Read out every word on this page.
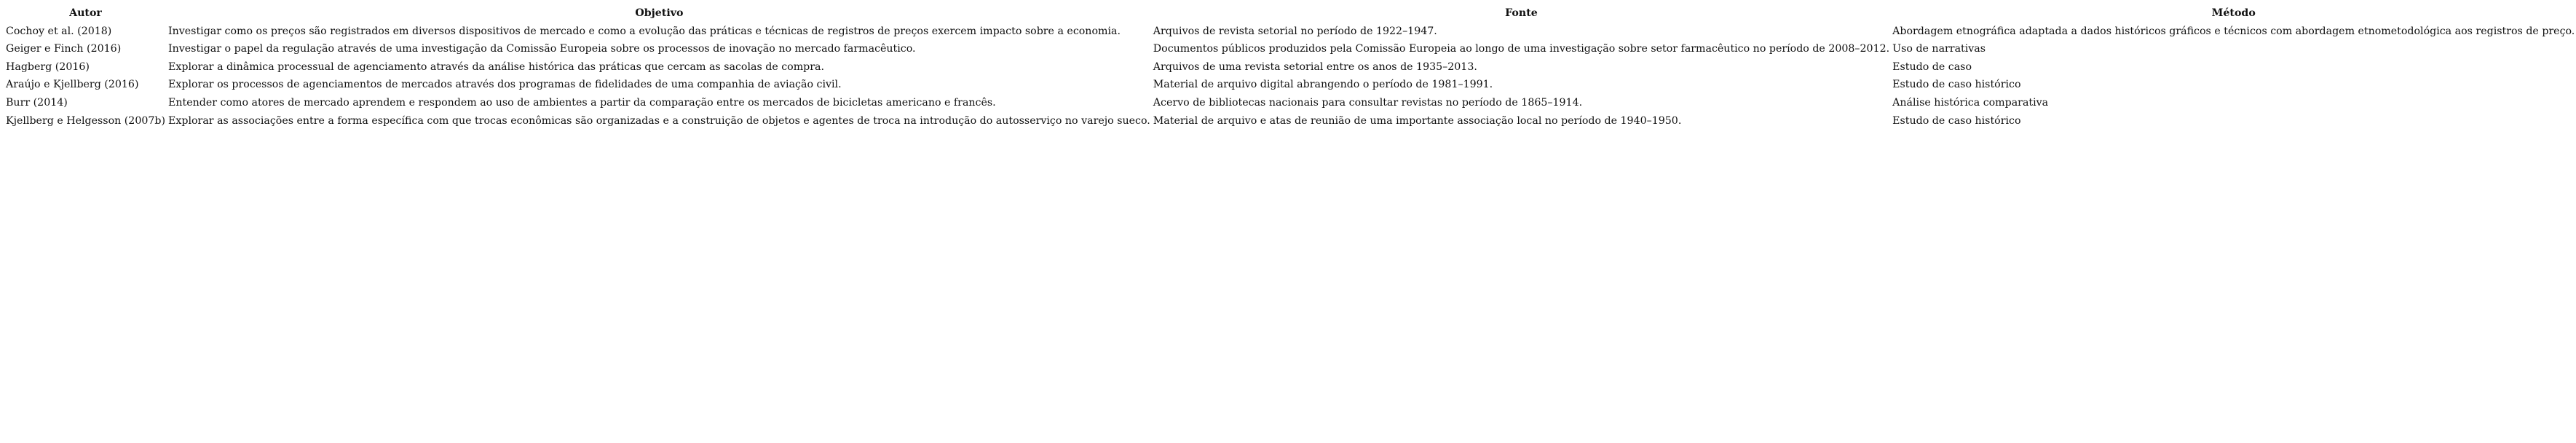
Autor	Objetivo	Fonte	Método
Cochoy et al. (2018)	Investigar como os preços são registrados em diversos dispositivos de mercado e como a evolução das práticas e técnicas de registros de preços exercem impacto sobre a economia.	Arquivos de revista setorial no período de 1922–1947.	Abordagem etnográfica adaptada a dados históricos gráficos e técnicos com abordagem etnometodológica aos registros de preço.
Geiger e Finch (2016)	Investigar o papel da regulação através de uma investigação da Comissão Europeia sobre os processos de inovação no mercado farmacêutico.	Documentos públicos produzidos pela Comissão Europeia ao longo de uma investigação sobre setor farmacêutico no período de 2008–2012.	Uso de narrativas
Hagberg (2016)	Explorar a dinâmica processual de agenciamento através da análise histórica das práticas que cercam as sacolas de compra.	Arquivos de uma revista setorial entre os anos de 1935–2013.	Estudo de caso
Araújo e Kjellberg (2016)	Explorar os processos de agenciamentos de mercados através dos programas de fidelidades de uma companhia de aviação civil.	Material de arquivo digital abrangendo o período de 1981–1991.	Estudo de caso histórico
Burr (2014)	Entender como atores de mercado aprendem e respondem ao uso de ambientes a partir da comparação entre os mercados de bicicletas americano e francês.	Acervo de bibliotecas nacionais para consultar revistas no período de 1865–1914.	Análise histórica comparativa
Kjellberg e Helgesson (2007b)	Explorar as associações entre a forma específica com que trocas econômicas são organizadas e a construição de objetos e agentes de troca na introdução do autosserviço no varejo sueco.	Material de arquivo e atas de reunião de uma importante associação local no período de 1940–1950.	Estudo de caso histórico
